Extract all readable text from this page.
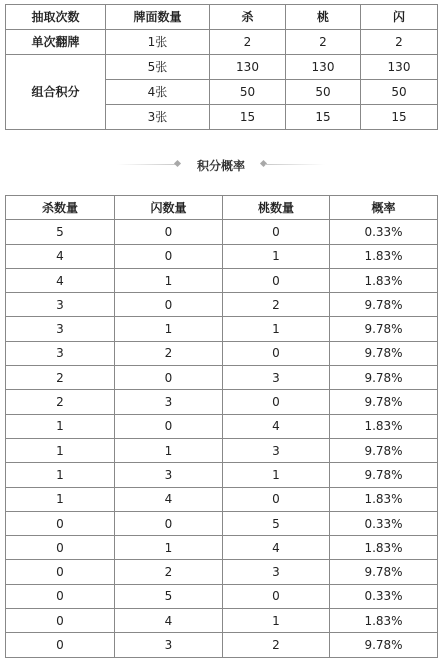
抽取次数	牌面数量	杀	桃	闪
单次翻牌	1张	2	2	2
组合积分	5张	130	130	130
	4张	50	50	50
	3张	15	15	15
积分概率
杀数量	闪数量	桃数量	概率
5	0	0	0.33%
4	0	1	1.83%
4	1	0	1.83%
3	0	2	9.78%
3	1	1	9.78%
3	2	0	9.78%
2	0	3	9.78%
2	3	0	9.78%
1	0	4	1.83%
1	1	3	9.78%
1	3	1	9.78%
1	4	0	1.83%
0	0	5	0.33%
0	1	4	1.83%
0	2	3	9.78%
0	5	0	0.33%
0	4	1	1.83%
0	3	2	9.78%
